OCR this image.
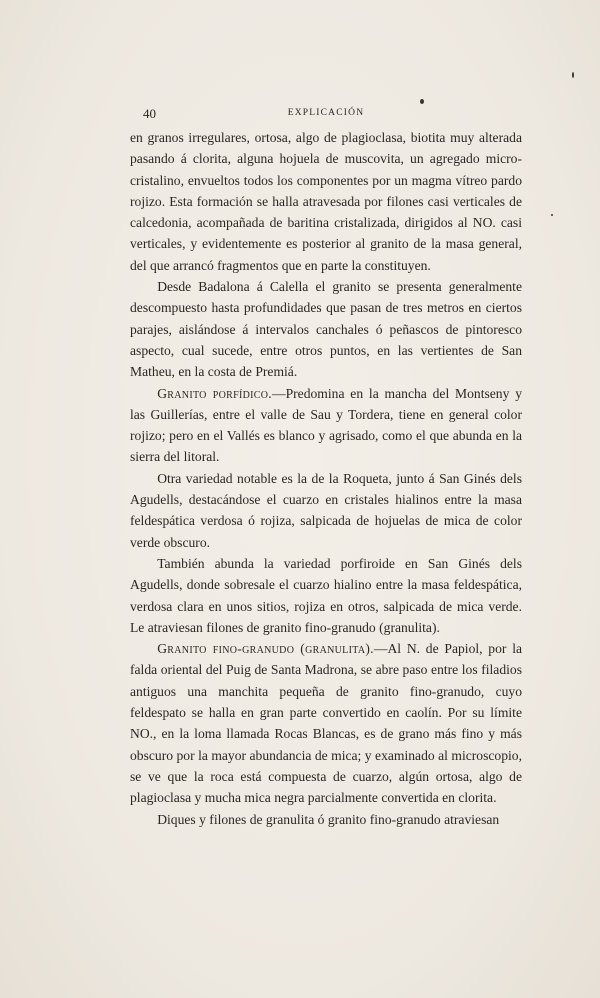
40	EXPLICACIÓN

en granos irregulares, ortosa, algo de plagioclasa, biotita muy alterada pasando á clorita, alguna hojuela de muscovita, un agregado micro-cristalino, envueltos todos los componentes por un magma vítreo pardo rojizo. Esta formación se halla atravesada por filones casi verticales de calcedonia, acompañada de baritina cristalizada, dirigidos al NO. casi verticales, y evidentemente es posterior al granito de la masa general, del que arrancó fragmentos que en parte la constituyen.

Desde Badalona á Calella el granito se presenta generalmente descompuesto hasta profundidades que pasan de tres metros en ciertos parajes, aislándose á intervalos canchales ó peñascos de pintoresco aspecto, cual sucede, entre otros puntos, en las vertientes de San Matheu, en la costa de Premiá.

Granito porfídico.—Predomina en la mancha del Montseny y las Guillerías, entre el valle de Sau y Tordera, tiene en general color rojizo; pero en el Vallés es blanco y agrisado, como el que abunda en la sierra del litoral.

Otra variedad notable es la de la Roqueta, junto á San Ginés dels Agudells, destacándose el cuarzo en cristales hialinos entre la masa feldespática verdosa ó rojiza, salpicada de hojuelas de mica de color verde obscuro.

También abunda la variedad porfiroide en San Ginés dels Agudells, donde sobresale el cuarzo hialino entre la masa feldespática, verdosa clara en unos sitios, rojiza en otros, salpicada de mica verde. Le atraviesan filones de granito fino-granudo (granulita).

Granito fino-granudo (granulita).—Al N. de Papiol, por la falda oriental del Puig de Santa Madrona, se abre paso entre los filadios antiguos una manchita pequeña de granito fino-granudo, cuyo feldespato se halla en gran parte convertido en caolín. Por su límite NO., en la loma llamada Rocas Blancas, es de grano más fino y más obscuro por la mayor abundancia de mica; y examinado al microscopio, se ve que la roca está compuesta de cuarzo, algún ortosa, algo de plagioclasa y mucha mica negra parcialmente convertida en clorita.

Diques y filones de granulita ó granito fino-granudo atraviesan
